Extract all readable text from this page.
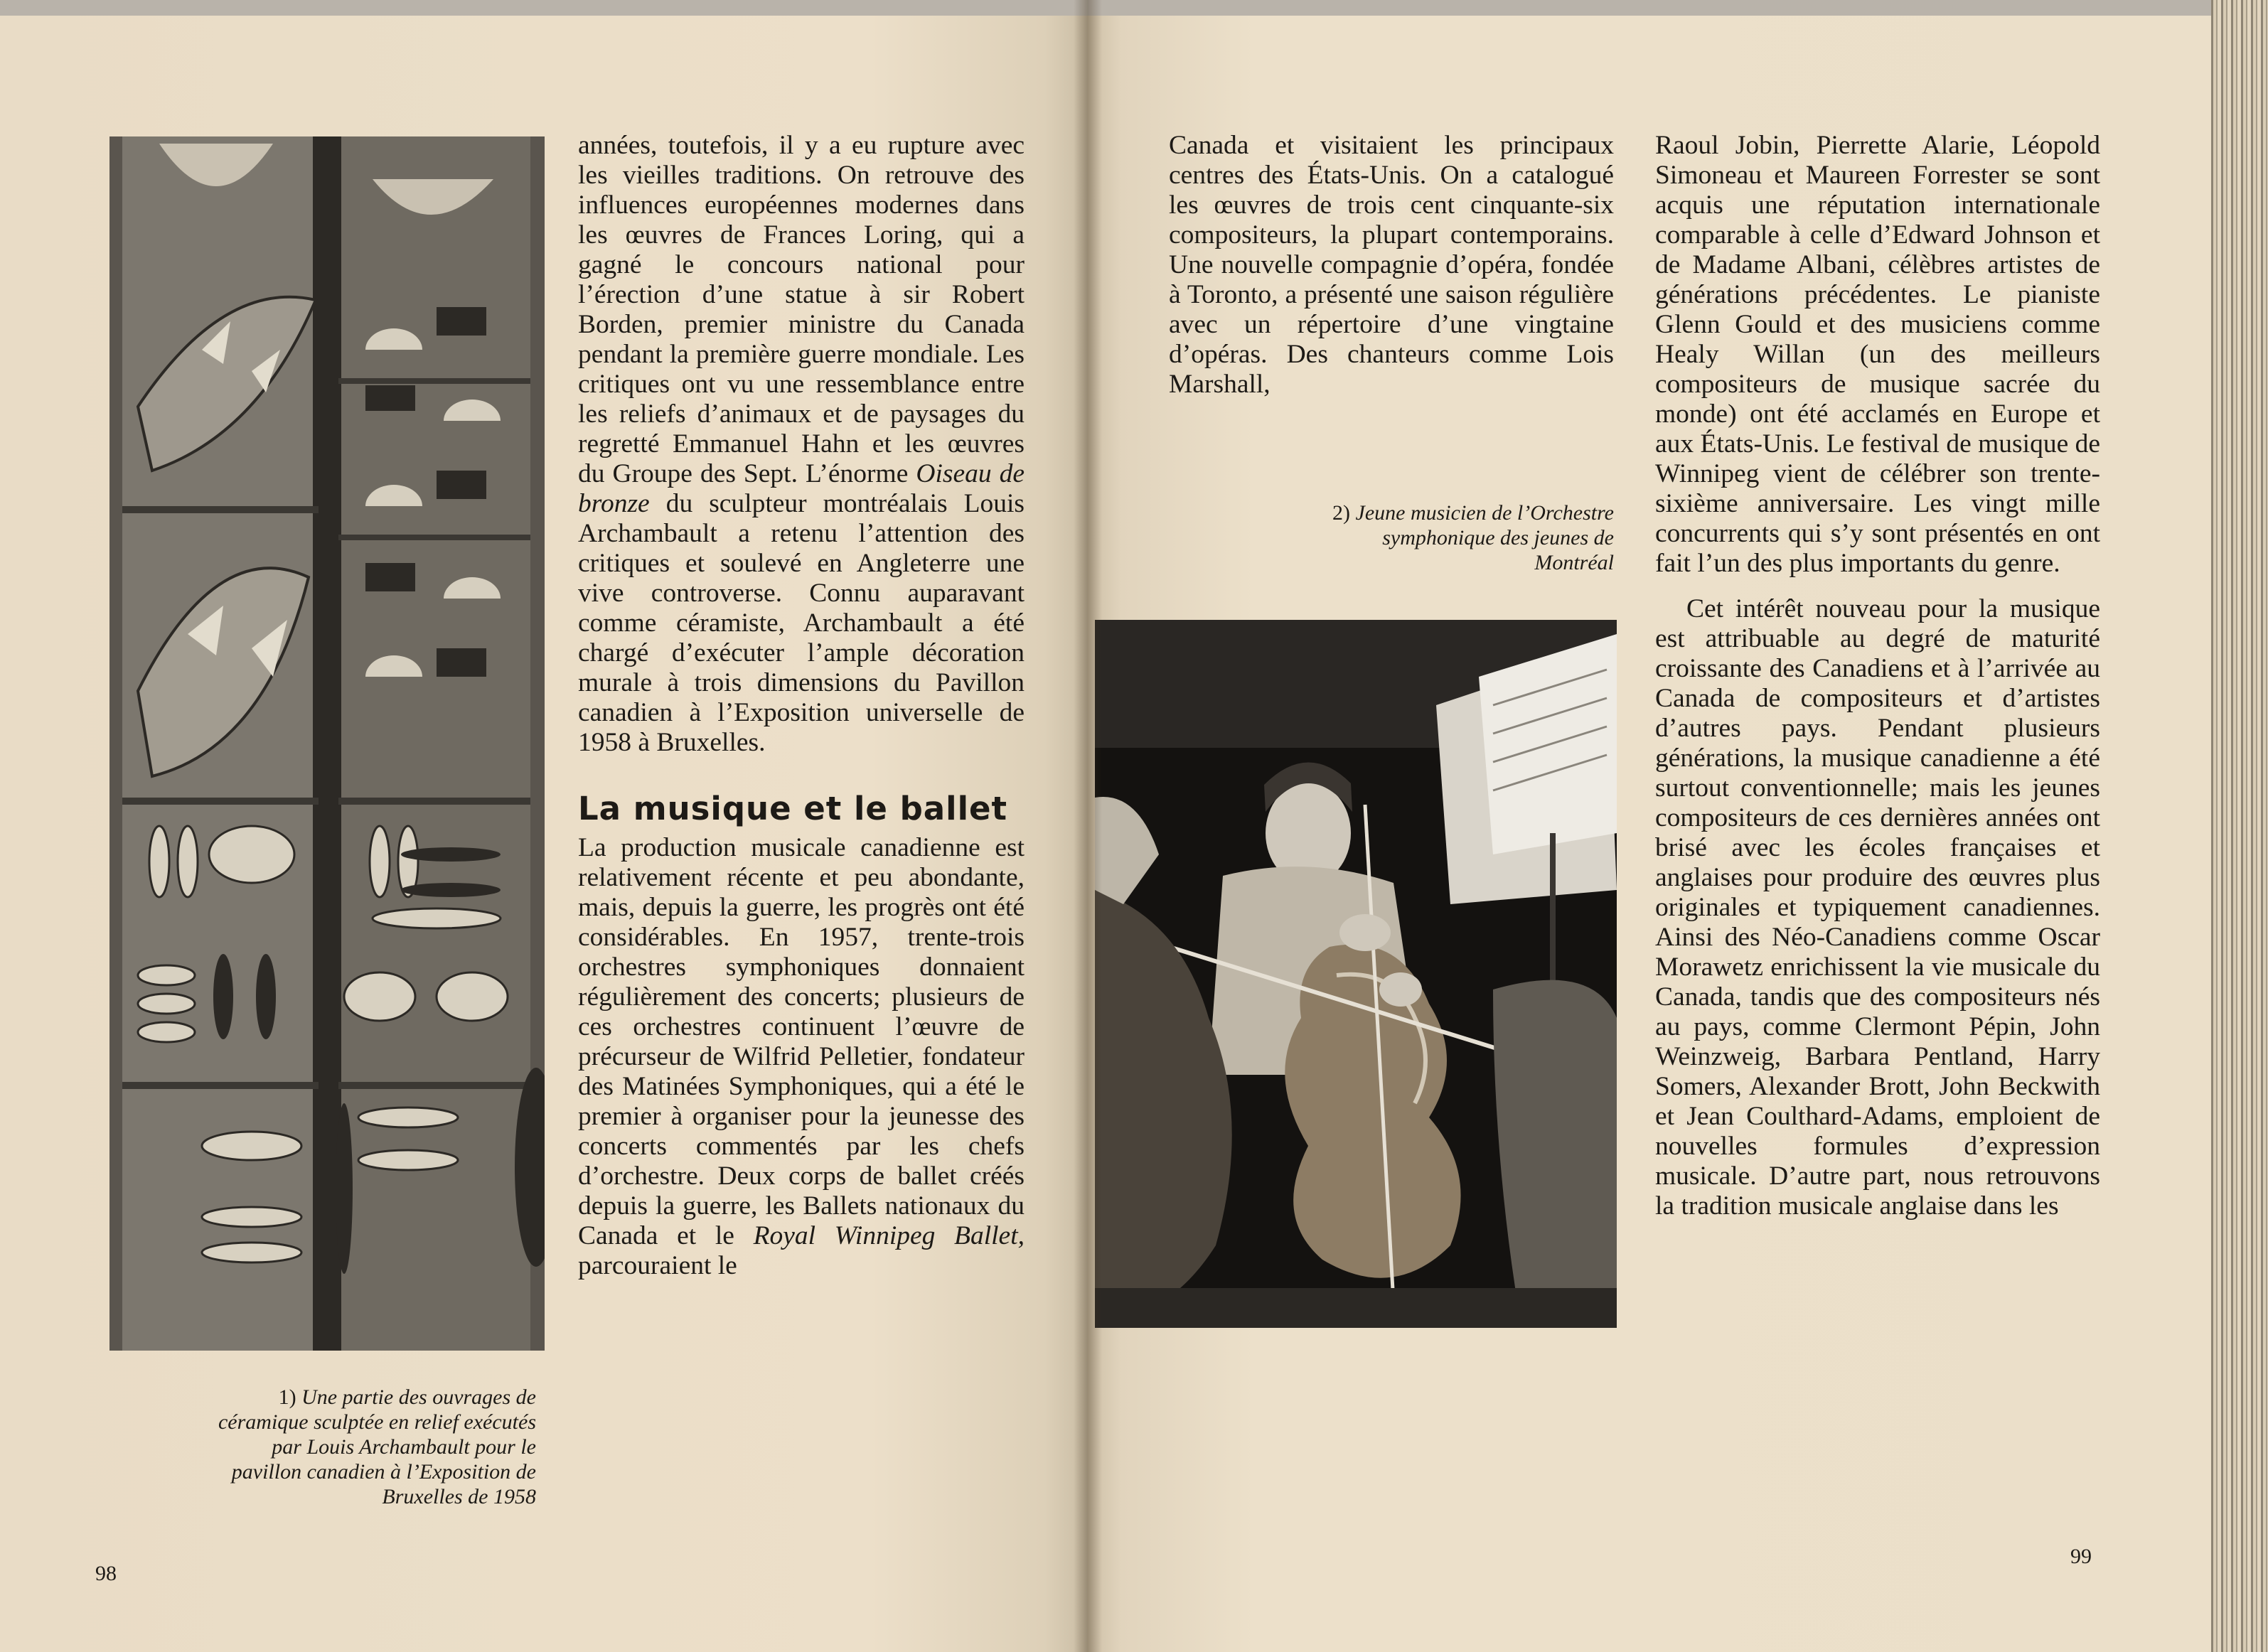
1) Une partie des ouvrages de céramique sculptée en relief exécutés par Louis Archambault pour le pavillon canadien à l’Exposition de Bruxelles de 1958

années, toutefois, il y a eu rupture avec les vieilles traditions. On retrouve des influences européennes modernes dans les œuvres de Frances Loring, qui a gagné le concours national pour l’érection d’une statue à sir Robert Borden, premier ministre du Canada pendant la première guerre mondiale. Les critiques ont vu une ressemblance entre les reliefs d’animaux et de paysages du regretté Emmanuel Hahn et les œuvres du Groupe des Sept. L’énorme Oiseau de bronze du sculpteur montréalais Louis Archambault a retenu l’attention des critiques et soulevé en Angleterre une vive controverse. Connu auparavant comme céramiste, Archambault a été chargé d’exécuter l’ample décoration murale à trois dimensions du Pavillon canadien à l’Exposition universelle de 1958 à Bruxelles.

La musique et le ballet

La production musicale canadienne est relativement récente et peu abondante, mais, depuis la guerre, les progrès ont été considérables. En 1957, trente-trois orchestres symphoniques donnaient régulièrement des concerts; plusieurs de ces orchestres continuent l’œuvre de précurseur de Wilfrid Pelletier, fondateur des Matinées Symphoniques, qui a été le premier à organiser pour la jeunesse des concerts commentés par les chefs d’orchestre. Deux corps de ballet créés depuis la guerre, les Ballets nationaux du Canada et le Royal Winnipeg Ballet, parcouraient le

98

Canada et visitaient les principaux centres des États-Unis. On a catalogué les œuvres de trois cent cinquante-six compositeurs, la plupart contemporains. Une nouvelle compagnie d’opéra, fondée à Toronto, a présenté une saison régulière avec un répertoire d’une vingtaine d’opéras. Des chanteurs comme Lois Marshall,

2) Jeune musicien de l’Orchestre symphonique des jeunes de Montréal

Raoul Jobin, Pierrette Alarie, Léopold Simoneau et Maureen Forrester se sont acquis une réputation internationale comparable à celle d’Edward Johnson et de Madame Albani, célèbres artistes de générations précédentes. Le pianiste Glenn Gould et des musiciens comme Healy Willan (un des meilleurs compositeurs de musique sacrée du monde) ont été acclamés en Europe et aux États-Unis. Le festival de musique de Winnipeg vient de célébrer son trente-sixième anniversaire. Les vingt mille concurrents qui s’y sont présentés en ont fait l’un des plus importants du genre.

Cet intérêt nouveau pour la musique est attribuable au degré de maturité croissante des Canadiens et à l’arrivée au Canada de compositeurs et d’artistes d’autres pays. Pendant plusieurs générations, la musique canadienne a été surtout conventionnelle; mais les jeunes compositeurs de ces dernières années ont brisé avec les écoles françaises et anglaises pour produire des œuvres plus originales et typiquement canadiennes. Ainsi des Néo-Canadiens comme Oscar Morawetz enrichissent la vie musicale du Canada, tandis que des compositeurs nés au pays, comme Clermont Pépin, John Weinzweig, Barbara Pentland, Harry Somers, Alexander Brott, John Beckwith et Jean Coulthard-Adams, emploient de nouvelles formules d’expression musicale. D’autre part, nous retrouvons la tradition musicale anglaise dans les

99
